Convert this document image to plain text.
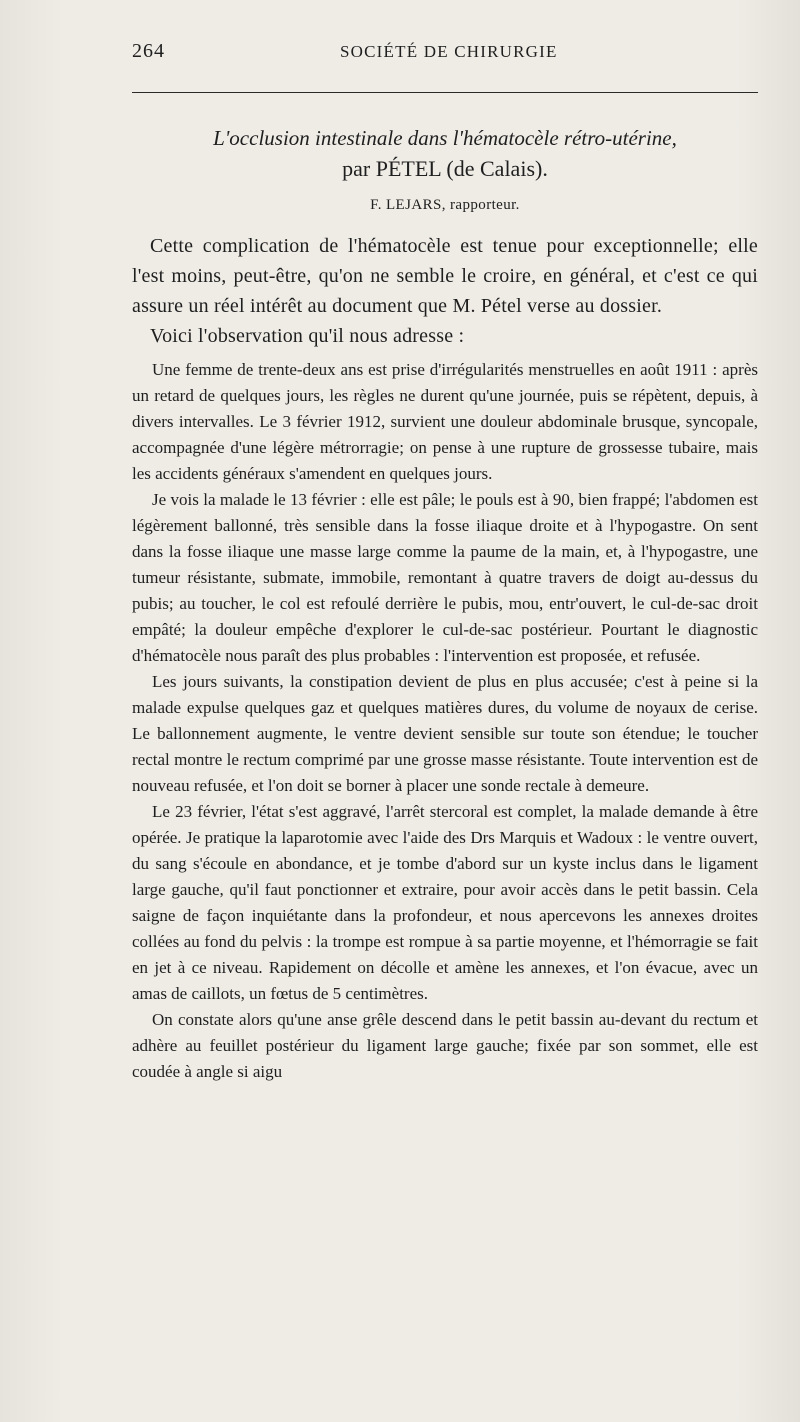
264	SOCIÉTÉ DE CHIRURGIE

L'occlusion intestinale dans l'hématocèle rétro-utérine,

par PÉTEL (de Calais).

F. LEJARS, rapporteur.

Cette complication de l'hématocèle est tenue pour exceptionnelle; elle l'est moins, peut-être, qu'on ne semble le croire, en général, et c'est ce qui assure un réel intérêt au document que M. Pétel verse au dossier.

Voici l'observation qu'il nous adresse :

Une femme de trente-deux ans est prise d'irrégularités menstruelles en août 1911 : après un retard de quelques jours, les règles ne durent qu'une journée, puis se répètent, depuis, à divers intervalles. Le 3 février 1912, survient une douleur abdominale brusque, syncopale, accompagnée d'une légère métrorragie; on pense à une rupture de grossesse tubaire, mais les accidents généraux s'amendent en quelques jours.

Je vois la malade le 13 février : elle est pâle; le pouls est à 90, bien frappé; l'abdomen est légèrement ballonné, très sensible dans la fosse iliaque droite et à l'hypogastre. On sent dans la fosse iliaque une masse large comme la paume de la main, et, à l'hypogastre, une tumeur résistante, submate, immobile, remontant à quatre travers de doigt au-dessus du pubis; au toucher, le col est refoulé derrière le pubis, mou, entr'ouvert, le cul-de-sac droit empâté; la douleur empêche d'explorer le cul-de-sac postérieur. Pourtant le diagnostic d'hématocèle nous paraît des plus probables : l'intervention est proposée, et refusée.

Les jours suivants, la constipation devient de plus en plus accusée; c'est à peine si la malade expulse quelques gaz et quelques matières dures, du volume de noyaux de cerise. Le ballonnement augmente, le ventre devient sensible sur toute son étendue; le toucher rectal montre le rectum comprimé par une grosse masse résistante. Toute intervention est de nouveau refusée, et l'on doit se borner à placer une sonde rectale à demeure.

Le 23 février, l'état s'est aggravé, l'arrêt stercoral est complet, la malade demande à être opérée. Je pratique la laparotomie avec l'aide des Drs Marquis et Wadoux : le ventre ouvert, du sang s'écoule en abondance, et je tombe d'abord sur un kyste inclus dans le ligament large gauche, qu'il faut ponctionner et extraire, pour avoir accès dans le petit bassin. Cela saigne de façon inquiétante dans la profondeur, et nous apercevons les annexes droites collées au fond du pelvis : la trompe est rompue à sa partie moyenne, et l'hémorragie se fait en jet à ce niveau. Rapidement on décolle et amène les annexes, et l'on évacue, avec un amas de caillots, un fœtus de 5 centimètres.

On constate alors qu'une anse grêle descend dans le petit bassin au-devant du rectum et adhère au feuillet postérieur du ligament large gauche; fixée par son sommet, elle est coudée à angle si aigu
